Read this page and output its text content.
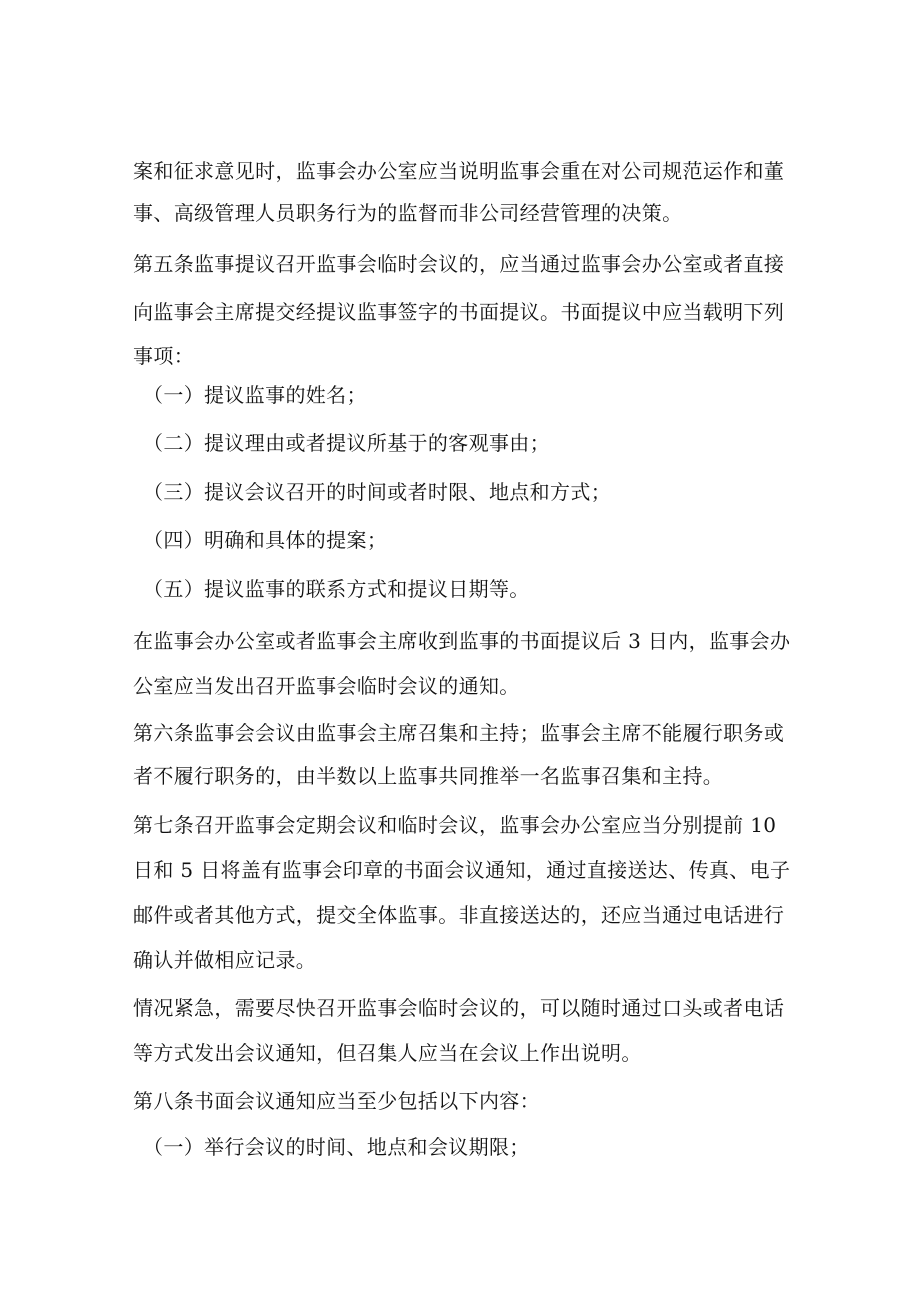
案和征求意见时，监事会办公室应当说明监事会重在对公司规范运作和董
事、高级管理人员职务行为的监督而非公司经营管理的决策。
第五条监事提议召开监事会临时会议的，应当通过监事会办公室或者直接
向监事会主席提交经提议监事签字的书面提议。书面提议中应当载明下列
事项：
（一）提议监事的姓名；
（二）提议理由或者提议所基于的客观事由；
（三）提议会议召开的时间或者时限、地点和方式；
（四）明确和具体的提案；
（五）提议监事的联系方式和提议日期等。
在监事会办公室或者监事会主席收到监事的书面提议后 3 日内，监事会办
公室应当发出召开监事会临时会议的通知。
第六条监事会会议由监事会主席召集和主持；监事会主席不能履行职务或
者不履行职务的，由半数以上监事共同推举一名监事召集和主持。
第七条召开监事会定期会议和临时会议，监事会办公室应当分别提前 10
日和 5 日将盖有监事会印章的书面会议通知，通过直接送达、传真、电子
邮件或者其他方式，提交全体监事。非直接送达的，还应当通过电话进行
确认并做相应记录。
情况紧急，需要尽快召开监事会临时会议的，可以随时通过口头或者电话
等方式发出会议通知，但召集人应当在会议上作出说明。
第八条书面会议通知应当至少包括以下内容：
（一）举行会议的时间、地点和会议期限；
